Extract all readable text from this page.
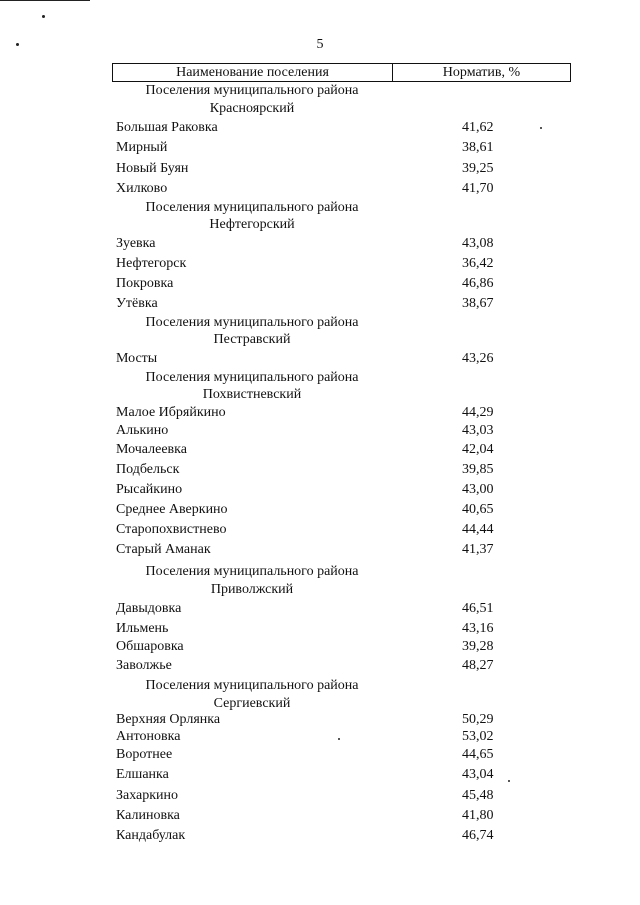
5
Наименование поселения	Норматив, %
Поселения муниципального района
Красноярский
Большая Раковка	41,62
Мирный	38,61
Новый Буян	39,25
Хилково	41,70
Поселения муниципального района
Нефтегорский
Зуевка	43,08
Нефтегорск	36,42
Покровка	46,86
Утёвка	38,67
Поселения муниципального района
Пестравский
Мосты	43,26
Поселения муниципального района
Похвистневский
Малое Ибряйкино	44,29
Алькино	43,03
Мочалеевка	42,04
Подбельск	39,85
Рысайкино	43,00
Среднее Аверкино	40,65
Старопохвистнево	44,44
Старый Аманак	41,37
Поселения муниципального района
Приволжский
Давыдовка	46,51
Ильмень	43,16
Обшаровка	39,28
Заволжье	48,27
Поселения муниципального района
Сергиевский
Верхняя Орлянка	50,29
Антоновка	53,02
Воротнее	44,65
Елшанка	43,04
Захаркино	45,48
Калиновка	41,80
Кандабулак	46,74
